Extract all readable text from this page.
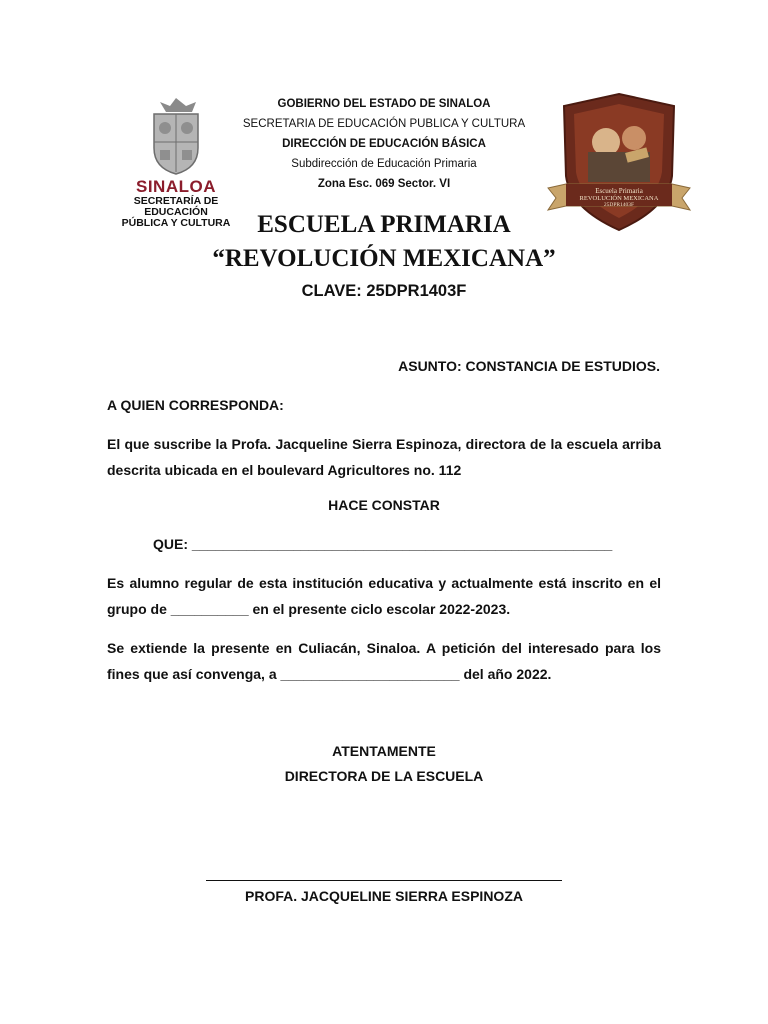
SINALOA
SECRETARÍA DE
EDUCACIÓN
PÚBLICA Y CULTURA
GOBIERNO DEL ESTADO DE SINALOA
SECRETARIA DE EDUCACIÓN PUBLICA Y CULTURA
DIRECCIÓN DE EDUCACIÓN BÁSICA
Subdirección de Educación Primaria
Zona Esc. 069 Sector. VI
Escuela Primaria
REVOLUCIÓN MEXICANA
25DPR1403F
ESCUELA PRIMARIA
“REVOLUCIÓN MEXICANA”
CLAVE: 25DPR1403F
ASUNTO: CONSTANCIA DE ESTUDIOS.
A QUIEN CORRESPONDA:
El que suscribe la Profa. Jacqueline Sierra Espinoza, directora de la escuela arriba descrita ubicada en el boulevard Agricultores no. 112
HACE CONSTAR
QUE: ______________________________________________________
Es alumno regular de esta institución educativa y actualmente está inscrito en el grupo de __________ en el presente ciclo escolar 2022-2023.
Se extiende la presente en Culiacán, Sinaloa. A petición del interesado para los fines que así convenga, a _______________________ del año 2022.
ATENTAMENTE
DIRECTORA DE LA ESCUELA
PROFA. JACQUELINE SIERRA ESPINOZA
